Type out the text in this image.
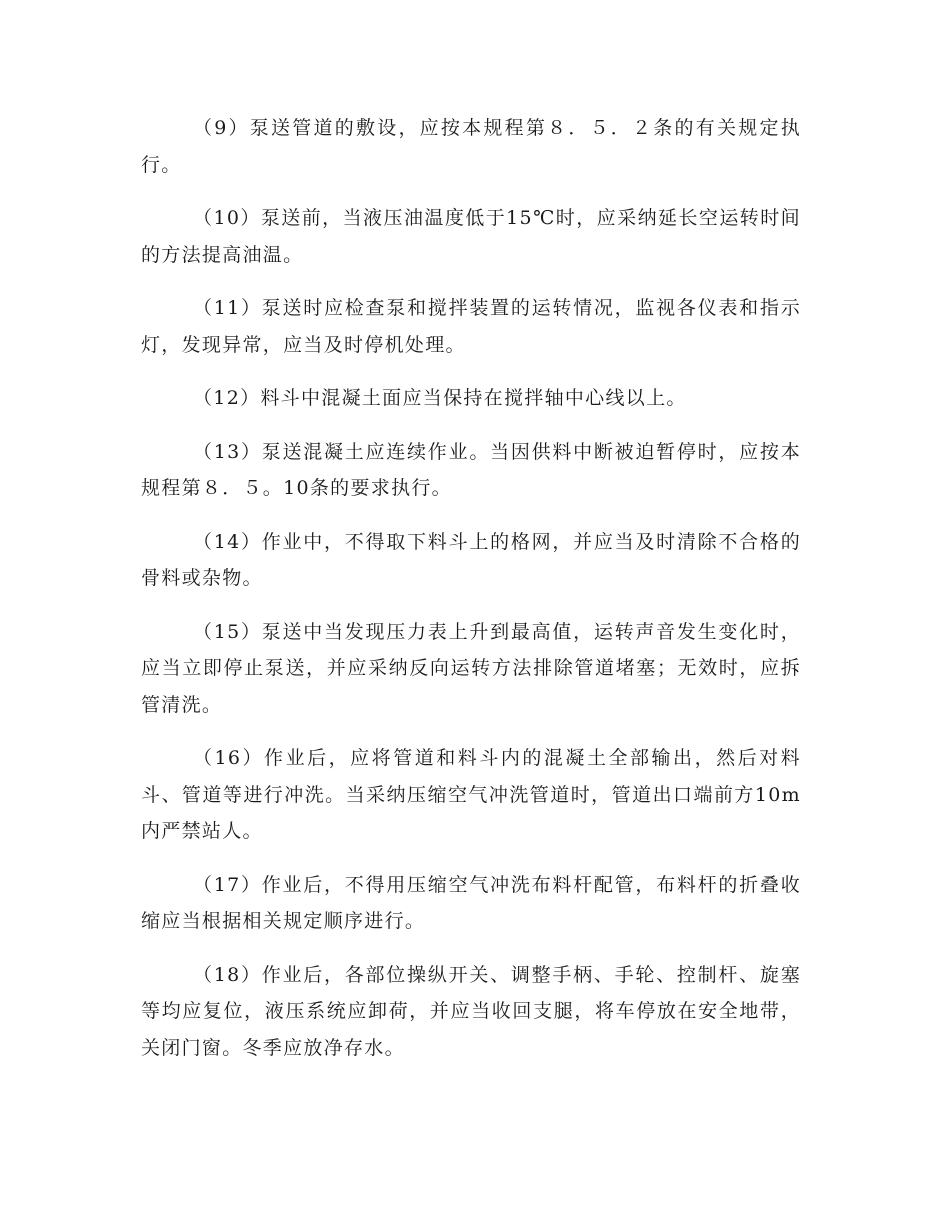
（9）泵送管道的敷设，应按本规程第８．５．２条的有关规定执行。

（10）泵送前，当液压油温度低于15℃时，应采纳延长空运转时间的方法提高油温。

（11）泵送时应检查泵和搅拌装置的运转情况，监视各仪表和指示灯，发现异常，应当及时停机处理。

（12）料斗中混凝土面应当保持在搅拌轴中心线以上。

（13）泵送混凝土应连续作业。当因供料中断被迫暂停时，应按本规程第８．５。10条的要求执行。

（14）作业中，不得取下料斗上的格网，并应当及时清除不合格的骨料或杂物。

（15）泵送中当发现压力表上升到最高值，运转声音发生变化时，应当立即停止泵送，并应采纳反向运转方法排除管道堵塞；无效时，应拆管清洗。

（16）作业后，应将管道和料斗内的混凝土全部输出，然后对料斗、管道等进行冲洗。当采纳压缩空气冲洗管道时，管道出口端前方10m内严禁站人。

（17）作业后，不得用压缩空气冲洗布料杆配管，布料杆的折叠收缩应当根据相关规定顺序进行。

（18）作业后，各部位操纵开关、调整手柄、手轮、控制杆、旋塞等均应复位，液压系统应卸荷，并应当收回支腿，将车停放在安全地带，关闭门窗。冬季应放净存水。
